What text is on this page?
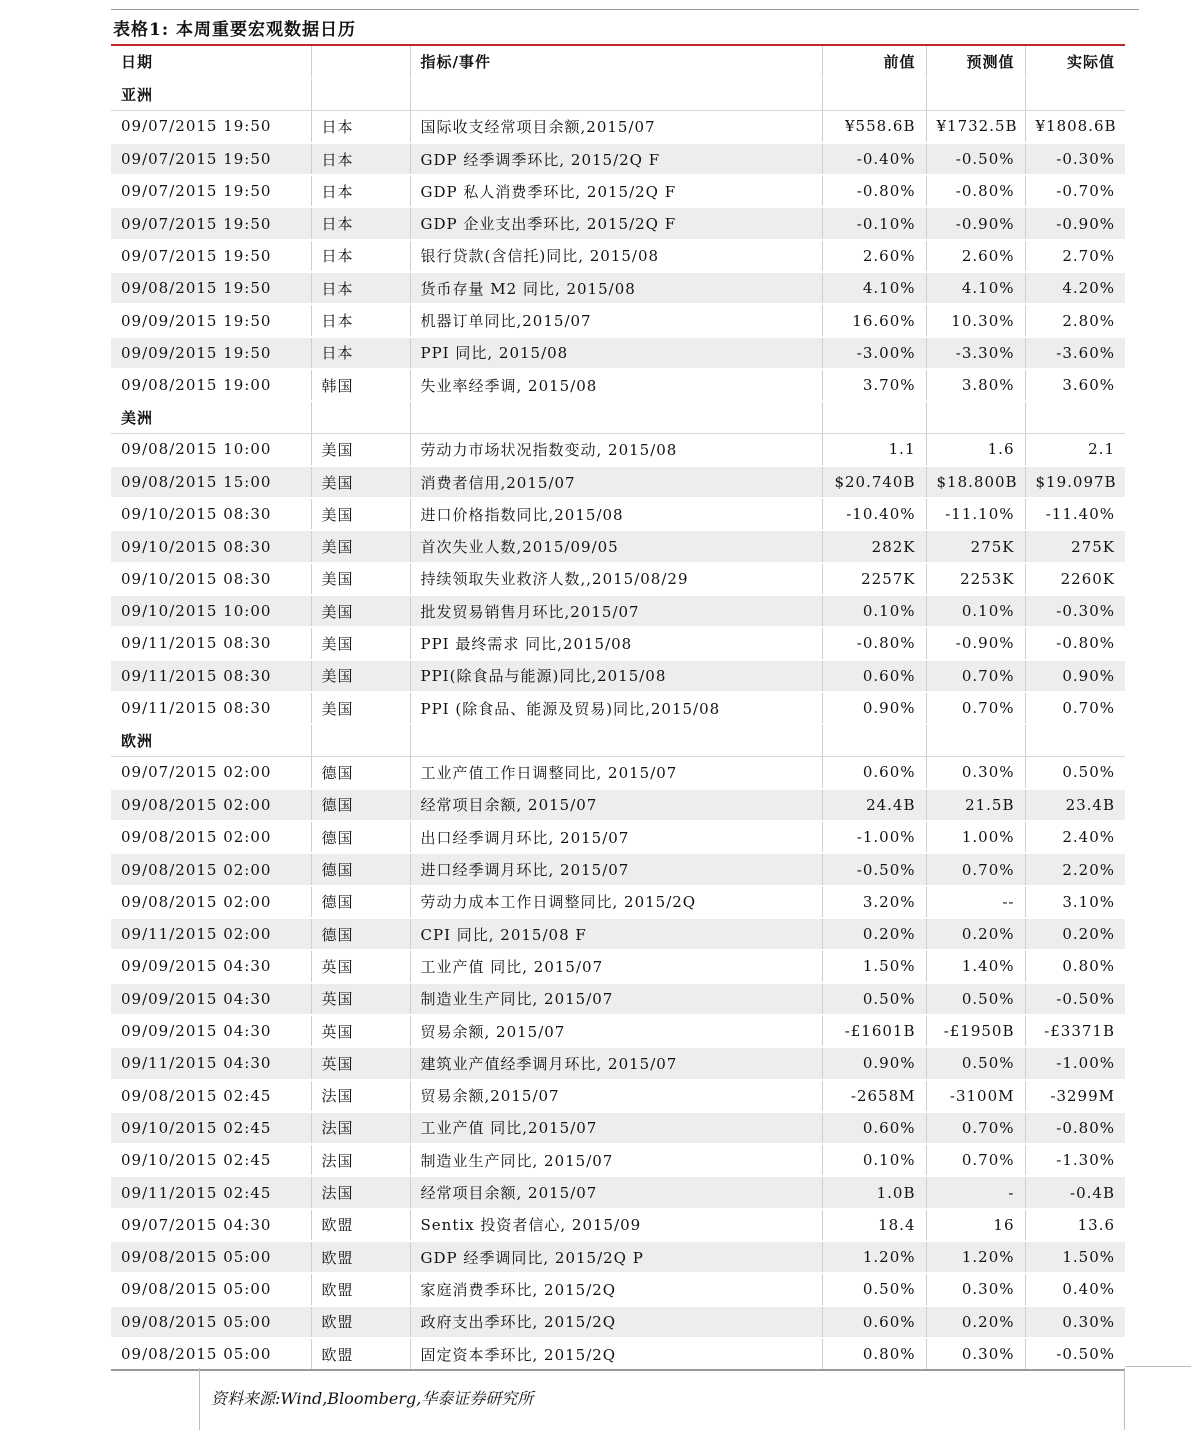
表格1: 本周重要宏观数据日历
日期		指标/事件	前值	预测值	实际值
亚洲					
09/07/2015 19:50	日本	国际收支经常项目余额,2015/07	¥558.6B	¥1732.5B	¥1808.6B
09/07/2015 19:50	日本	GDP 经季调季环比, 2015/2Q F	-0.40%	-0.50%	-0.30%
09/07/2015 19:50	日本	GDP 私人消费季环比, 2015/2Q F	-0.80%	-0.80%	-0.70%
09/07/2015 19:50	日本	GDP 企业支出季环比, 2015/2Q F	-0.10%	-0.90%	-0.90%
09/07/2015 19:50	日本	银行贷款(含信托)同比, 2015/08	2.60%	2.60%	2.70%
09/08/2015 19:50	日本	货币存量 M2 同比, 2015/08	4.10%	4.10%	4.20%
09/09/2015 19:50	日本	机器订单同比,2015/07	16.60%	10.30%	2.80%
09/09/2015 19:50	日本	PPI 同比, 2015/08	-3.00%	-3.30%	-3.60%
09/08/2015 19:00	韩国	失业率经季调, 2015/08	3.70%	3.80%	3.60%
美洲					
09/08/2015 10:00	美国	劳动力市场状况指数变动, 2015/08	1.1	1.6	2.1
09/08/2015 15:00	美国	消费者信用,2015/07	$20.740B	$18.800B	$19.097B
09/10/2015 08:30	美国	进口价格指数同比,2015/08	-10.40%	-11.10%	-11.40%
09/10/2015 08:30	美国	首次失业人数,2015/09/05	282K	275K	275K
09/10/2015 08:30	美国	持续领取失业救济人数,,2015/08/29	2257K	2253K	2260K
09/10/2015 10:00	美国	批发贸易销售月环比,2015/07	0.10%	0.10%	-0.30%
09/11/2015 08:30	美国	PPI 最终需求 同比,2015/08	-0.80%	-0.90%	-0.80%
09/11/2015 08:30	美国	PPI(除食品与能源)同比,2015/08	0.60%	0.70%	0.90%
09/11/2015 08:30	美国	PPI (除食品、能源及贸易)同比,2015/08	0.90%	0.70%	0.70%
欧洲					
09/07/2015 02:00	德国	工业产值工作日调整同比, 2015/07	0.60%	0.30%	0.50%
09/08/2015 02:00	德国	经常项目余额, 2015/07	24.4B	21.5B	23.4B
09/08/2015 02:00	德国	出口经季调月环比, 2015/07	-1.00%	1.00%	2.40%
09/08/2015 02:00	德国	进口经季调月环比, 2015/07	-0.50%	0.70%	2.20%
09/08/2015 02:00	德国	劳动力成本工作日调整同比, 2015/2Q	3.20%	--	3.10%
09/11/2015 02:00	德国	CPI 同比, 2015/08 F	0.20%	0.20%	0.20%
09/09/2015 04:30	英国	工业产值 同比, 2015/07	1.50%	1.40%	0.80%
09/09/2015 04:30	英国	制造业生产同比, 2015/07	0.50%	0.50%	-0.50%
09/09/2015 04:30	英国	贸易余额, 2015/07	-£1601B	-£1950B	-£3371B
09/11/2015 04:30	英国	建筑业产值经季调月环比, 2015/07	0.90%	0.50%	-1.00%
09/08/2015 02:45	法国	贸易余额,2015/07	-2658M	-3100M	-3299M
09/10/2015 02:45	法国	工业产值 同比,2015/07	0.60%	0.70%	-0.80%
09/10/2015 02:45	法国	制造业生产同比, 2015/07	0.10%	0.70%	-1.30%
09/11/2015 02:45	法国	经常项目余额, 2015/07	1.0B	-	-0.4B
09/07/2015 04:30	欧盟	Sentix 投资者信心, 2015/09	18.4	16	13.6
09/08/2015 05:00	欧盟	GDP 经季调同比, 2015/2Q P	1.20%	1.20%	1.50%
09/08/2015 05:00	欧盟	家庭消费季环比, 2015/2Q	0.50%	0.30%	0.40%
09/08/2015 05:00	欧盟	政府支出季环比, 2015/2Q	0.60%	0.20%	0.30%
09/08/2015 05:00	欧盟	固定资本季环比, 2015/2Q	0.80%	0.30%	-0.50%
资料来源:Wind,Bloomberg,华泰证券研究所
